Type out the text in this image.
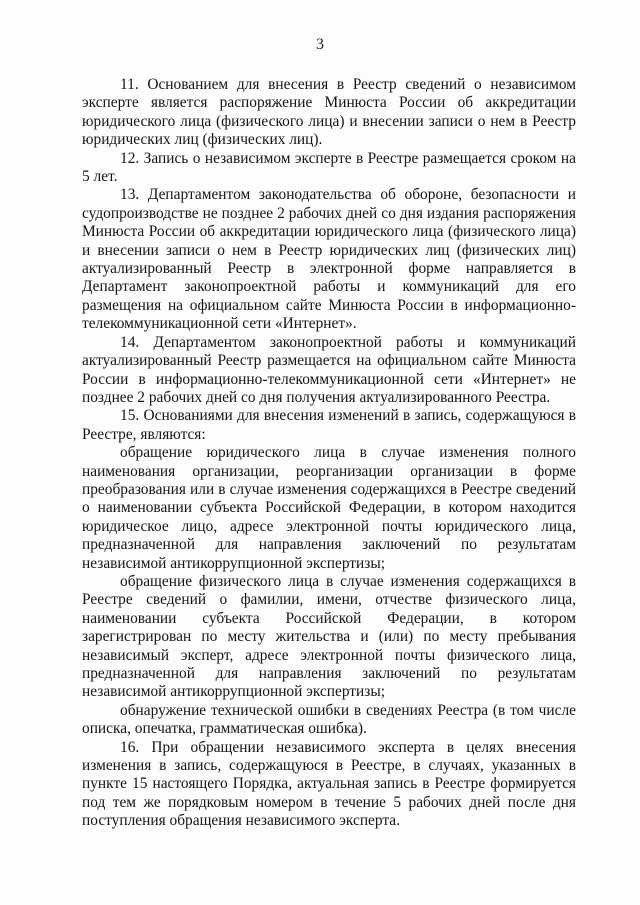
3

11. Основанием для внесения в Реестр сведений о независимом эксперте является распоряжение Минюста России об аккредитации юридического лица (физического лица) и внесении записи о нем в Реестр юридических лиц (физических лиц).

12. Запись о независимом эксперте в Реестре размещается сроком на 5 лет.

13. Департаментом законодательства об обороне, безопасности и судопроизводстве не позднее 2 рабочих дней со дня издания распоряжения Минюста России об аккредитации юридического лица (физического лица) и внесении записи о нем в Реестр юридических лиц (физических лиц) актуализированный Реестр в электронной форме направляется в Департамент законопроектной работы и коммуникаций для его размещения на официальном сайте Минюста России в информационно-телекоммуникационной сети «Интернет».

14. Департаментом законопроектной работы и коммуникаций актуализированный Реестр размещается на официальном сайте Минюста России в информационно-телекоммуникационной сети «Интернет» не позднее 2 рабочих дней со дня получения актуализированного Реестра.

15. Основаниями для внесения изменений в запись, содержащуюся в Реестре, являются:

обращение юридического лица в случае изменения полного наименования организации, реорганизации организации в форме преобразования или в случае изменения содержащихся в Реестре сведений о наименовании субъекта Российской Федерации, в котором находится юридическое лицо, адресе электронной почты юридического лица, предназначенной для направления заключений по результатам независимой антикоррупционной экспертизы;

обращение физического лица в случае изменения содержащихся в Реестре сведений о фамилии, имени, отчестве физического лица, наименовании субъекта Российской Федерации, в котором зарегистрирован по месту жительства и (или) по месту пребывания независимый эксперт, адресе электронной почты физического лица, предназначенной для направления заключений по результатам независимой антикоррупционной экспертизы;

обнаружение технической ошибки в сведениях Реестра (в том числе описка, опечатка, грамматическая ошибка).

16. При обращении независимого эксперта в целях внесения изменения в запись, содержащуюся в Реестре, в случаях, указанных в пункте 15 настоящего Порядка, актуальная запись в Реестре формируется под тем же порядковым номером в течение 5 рабочих дней после дня поступления обращения независимого эксперта.
